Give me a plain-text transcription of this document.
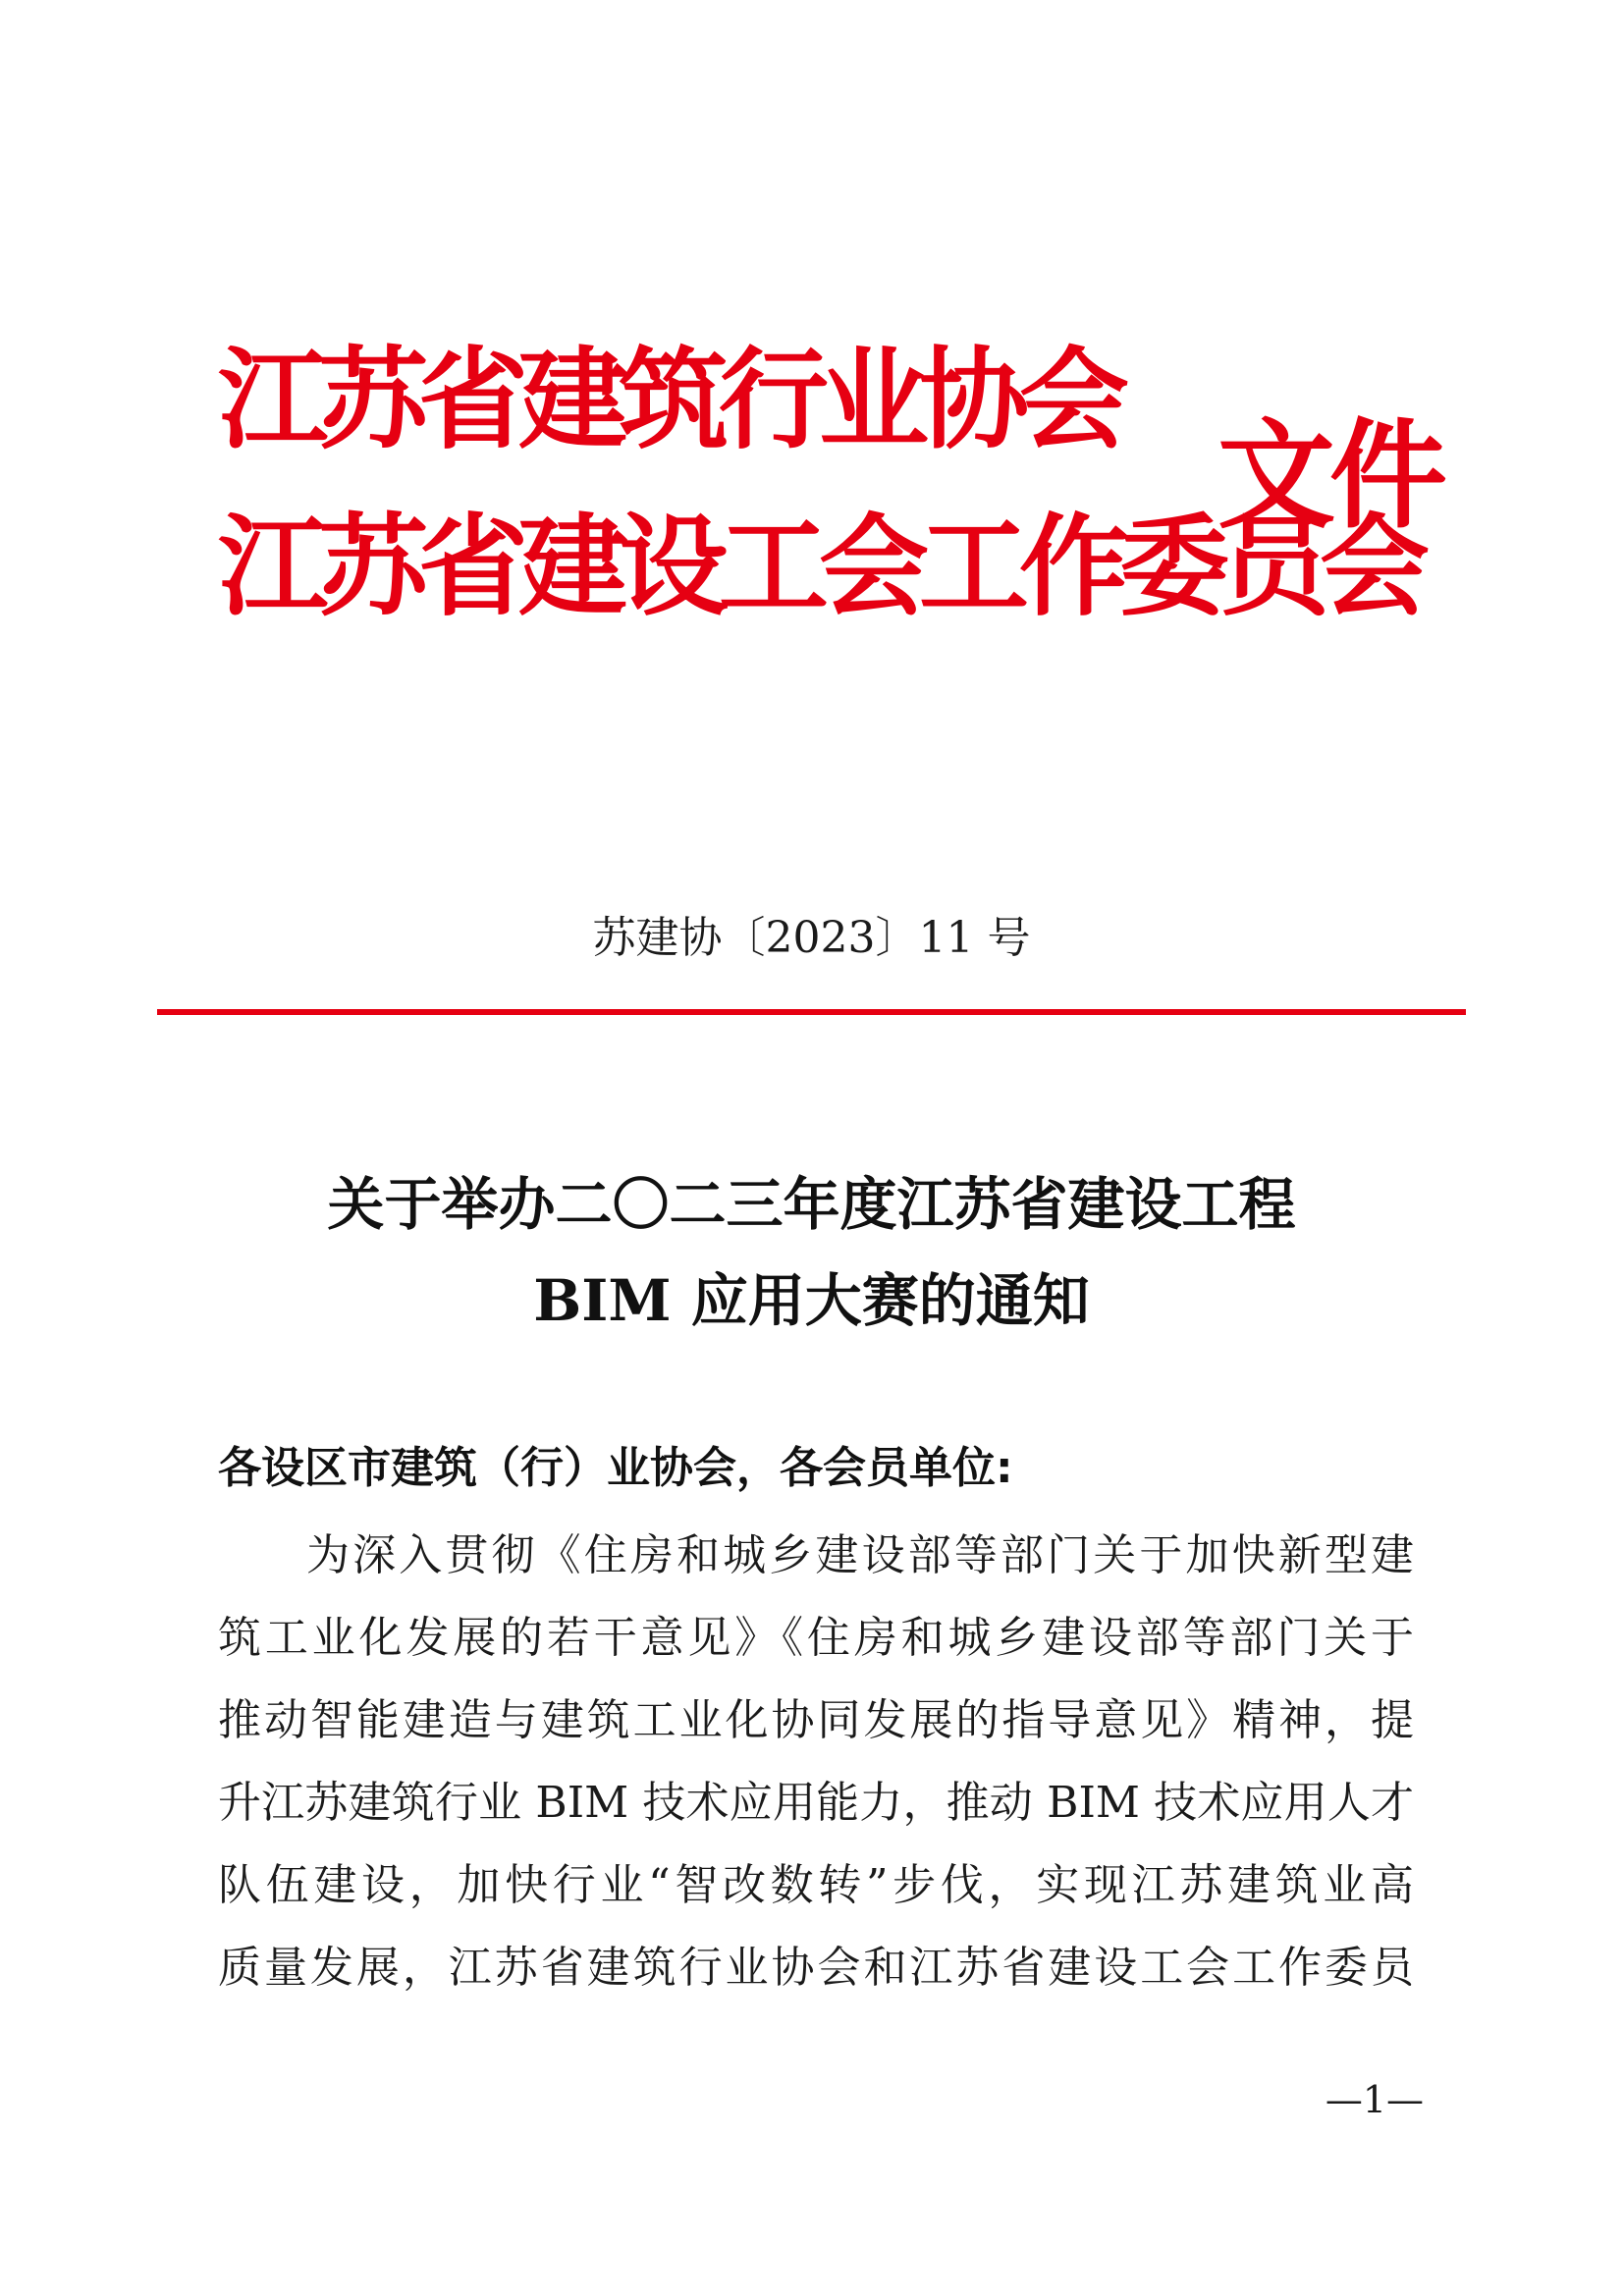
江苏省建筑行业协会
江苏省建设工会工作委员会
文件
苏建协〔2023〕11 号
关于举办二〇二三年度江苏省建设工程
BIM 应用大赛的通知
各设区市建筑（行）业协会，各会员单位:
为深入贯彻《住房和城乡建设部等部门关于加快新型建
筑工业化发展的若干意见》《住房和城乡建设部等部门关于
推动智能建造与建筑工业化协同发展的指导意见》精神，提
升江苏建筑行业 BIM 技术应用能力，推动 BIM 技术应用人才
队伍建设，加快行业“智改数转”步伐，实现江苏建筑业高
质量发展，江苏省建筑行业协会和江苏省建设工会工作委员
—1—
